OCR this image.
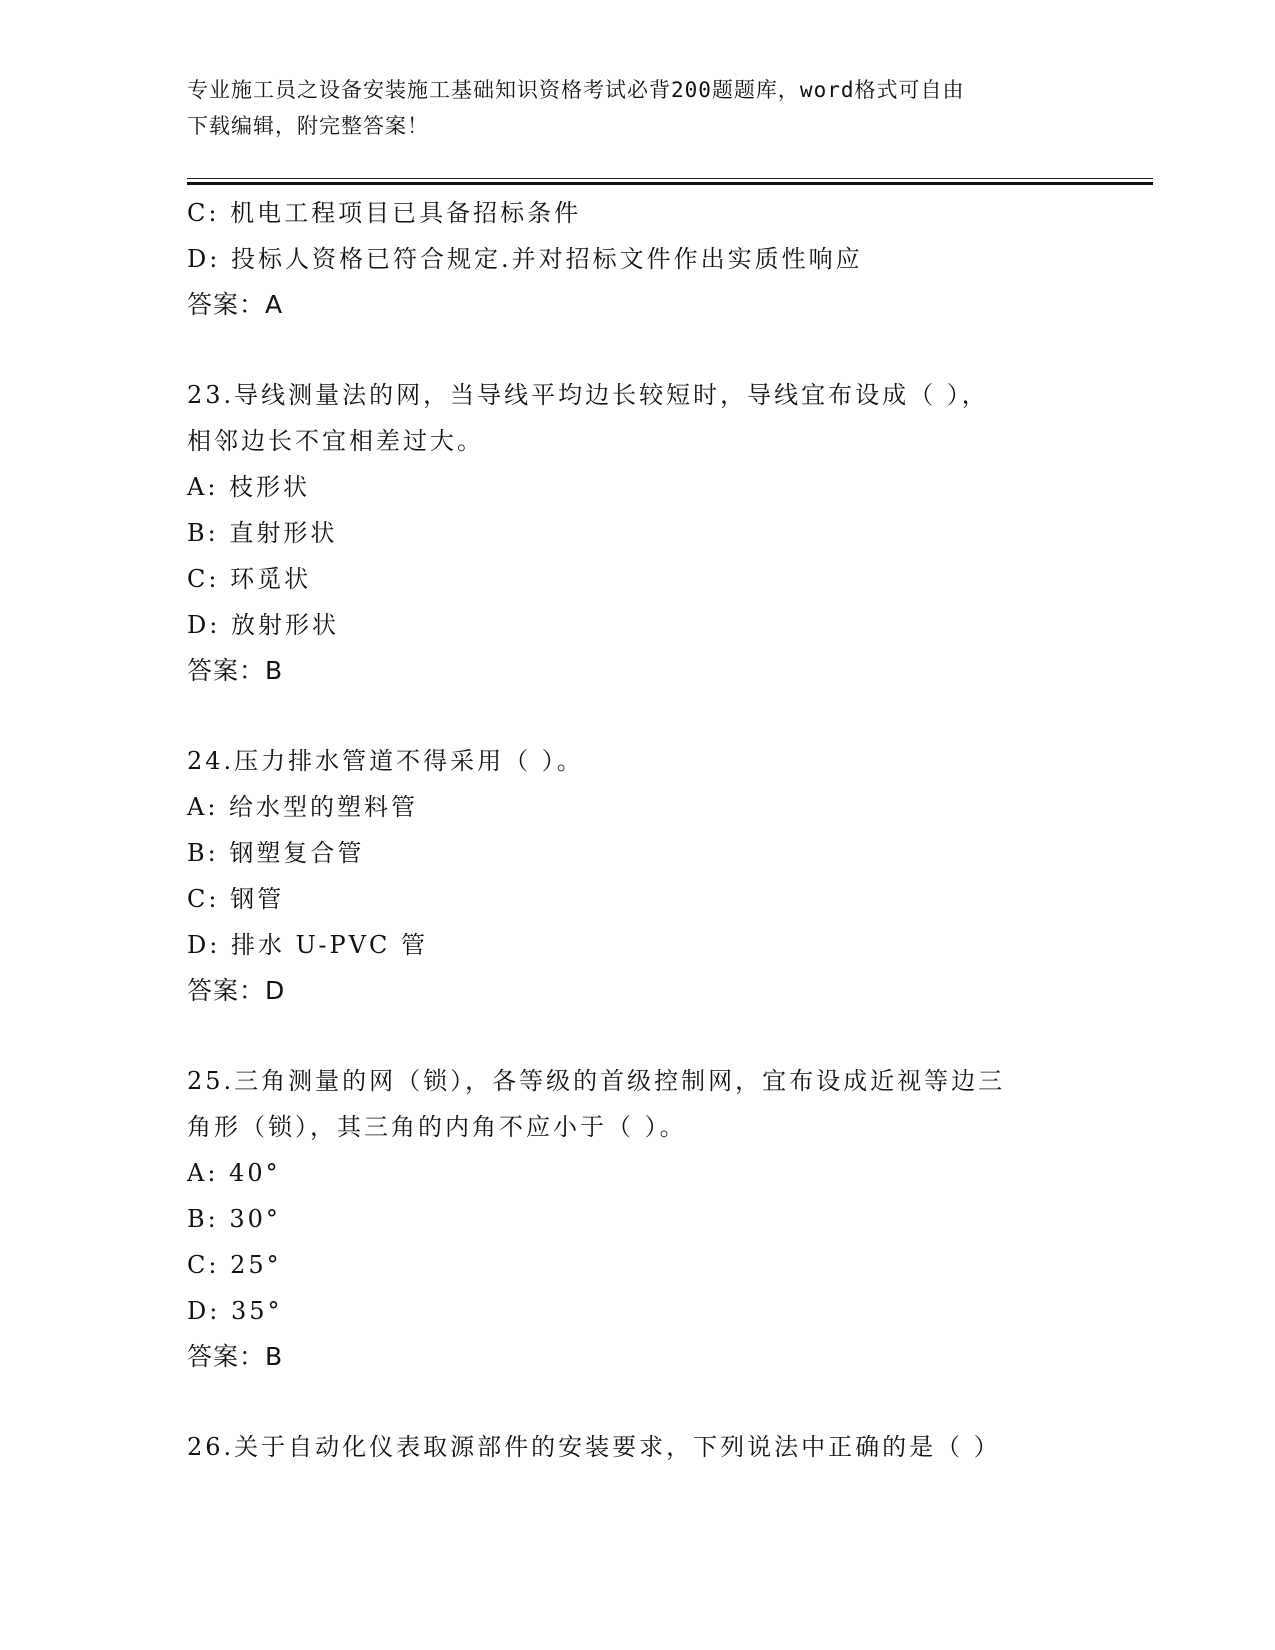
专业施工员之设备安装施工基础知识资格考试必背200题题库，word格式可自由
下载编辑，附完整答案！
C: 机电工程项目已具备招标条件
D: 投标人资格已符合规定.并对招标文件作出实质性响应
答案：A
23.导线测量法的网，当导线平均边长较短时，导线宜布设成（ ），
相邻边长不宜相差过大。
A: 枝形状
B: 直射形状
C: 环觅状
D: 放射形状
答案：B
24.压力排水管道不得采用（ ）。
A: 给水型的塑料管
B: 钢塑复合管
C: 钢管
D: 排水 U-PVC 管
答案：D
25.三角测量的网（锁），各等级的首级控制网，宜布设成近视等边三
角形（锁），其三角的内角不应小于（ ）。
A: 40°
B: 30°
C: 25°
D: 35°
答案：B
26.关于自动化仪表取源部件的安装要求，下列说法中正确的是（ ）
